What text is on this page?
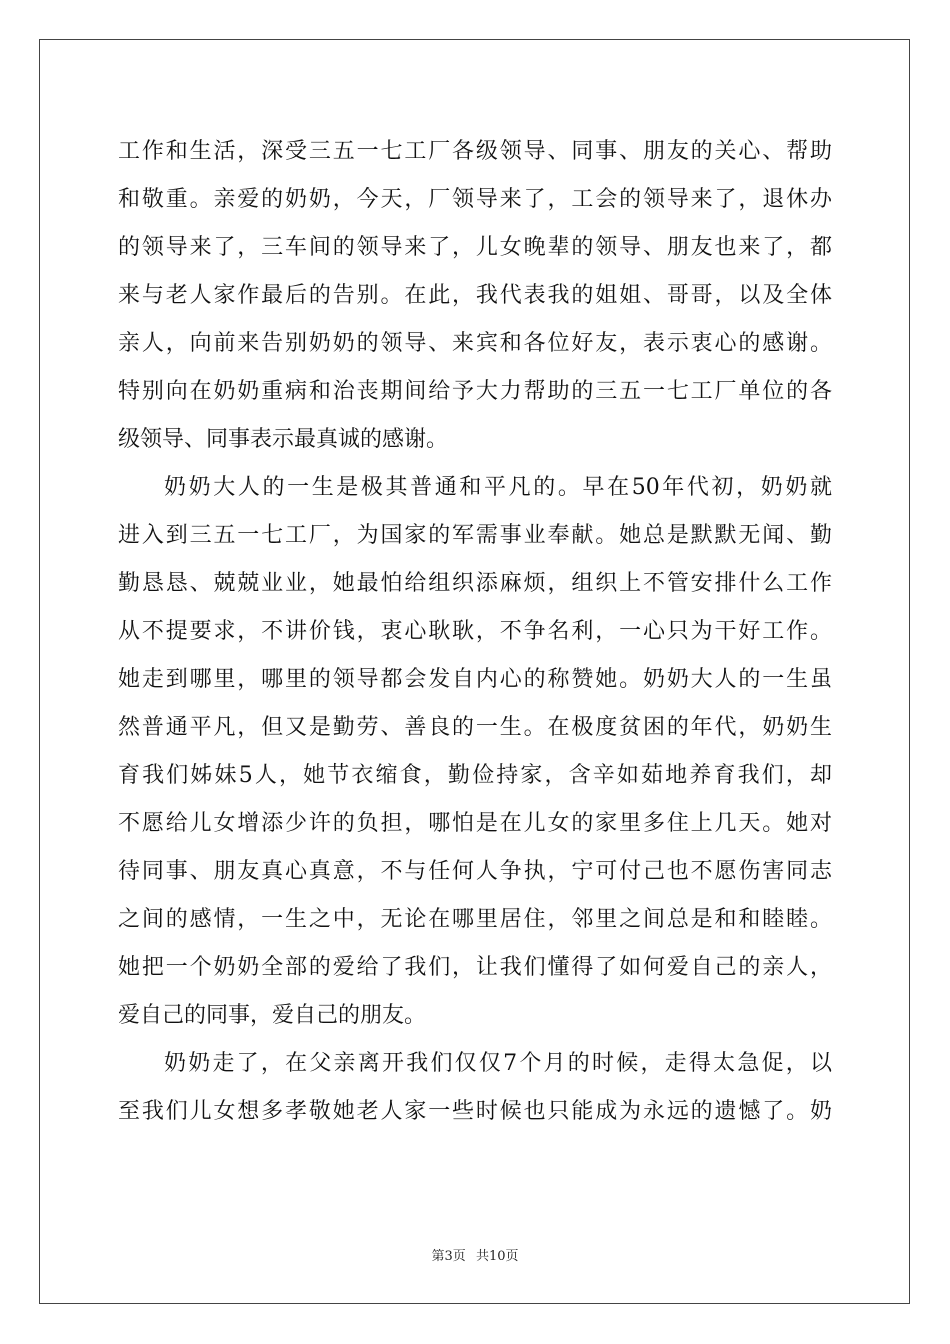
工作和生活，深受三五一七工厂各级领导、同事、朋友的关心、帮助
和敬重。亲爱的奶奶，今天，厂领导来了，工会的领导来了，退休办
的领导来了，三车间的领导来了，儿女晚辈的领导、朋友也来了，都
来与老人家作最后的告别。在此，我代表我的姐姐、哥哥，以及全体
亲人，向前来告别奶奶的领导、来宾和各位好友，表示衷心的感谢。
特别向在奶奶重病和治丧期间给予大力帮助的三五一七工厂单位的各
级领导、同事表示最真诚的感谢。
奶奶大人的一生是极其普通和平凡的。早在50年代初，奶奶就
进入到三五一七工厂，为国家的军需事业奉献。她总是默默无闻、勤
勤恳恳、兢兢业业，她最怕给组织添麻烦，组织上不管安排什么工作
从不提要求，不讲价钱，衷心耿耿，不争名利，一心只为干好工作。
她走到哪里，哪里的领导都会发自内心的称赞她。奶奶大人的一生虽
然普通平凡，但又是勤劳、善良的一生。在极度贫困的年代，奶奶生
育我们姊妹5人，她节衣缩食，勤俭持家，含辛如茹地养育我们，却
不愿给儿女增添少许的负担，哪怕是在儿女的家里多住上几天。她对
待同事、朋友真心真意，不与任何人争执，宁可付己也不愿伤害同志
之间的感情，一生之中，无论在哪里居住，邻里之间总是和和睦睦。
她把一个奶奶全部的爱给了我们，让我们懂得了如何爱自己的亲人，
爱自己的同事，爱自己的朋友。
奶奶走了，在父亲离开我们仅仅7个月的时候，走得太急促，以
至我们儿女想多孝敬她老人家一些时候也只能成为永远的遗憾了。奶
第3页 共10页
